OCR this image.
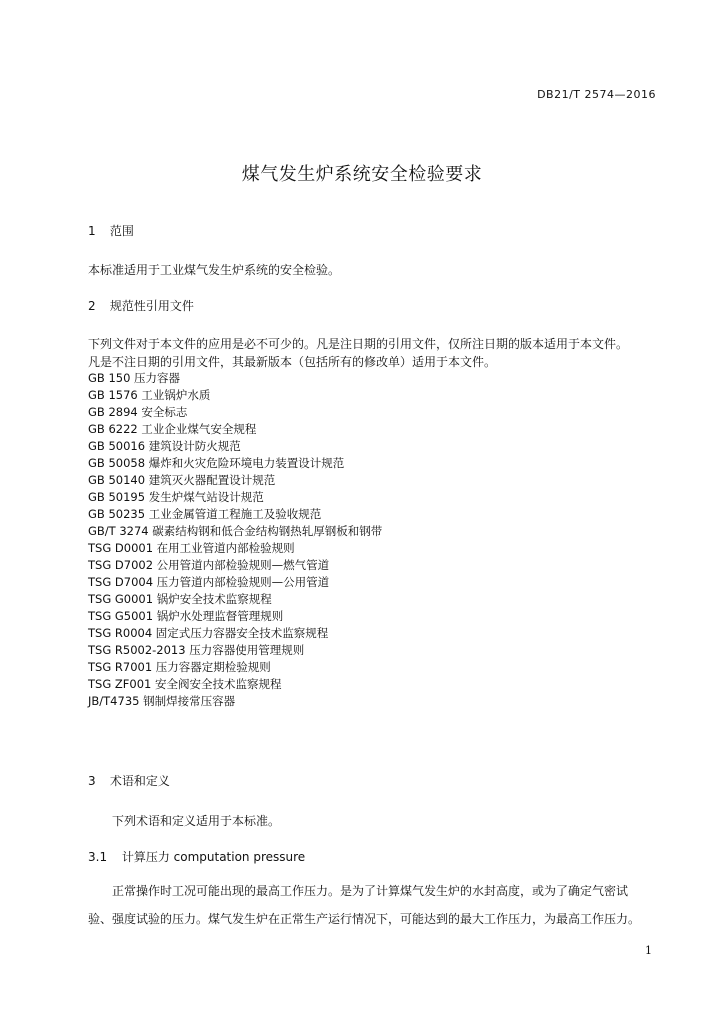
DB21/T 2574—2016
煤气发生炉系统安全检验要求
1 范围
本标准适用于工业煤气发生炉系统的安全检验。
2 规范性引用文件
下列文件对于本文件的应用是必不可少的。凡是注日期的引用文件，仅所注日期的版本适用于本文件。
凡是不注日期的引用文件，其最新版本（包括所有的修改单）适用于本文件。
GB 150 压力容器
GB 1576 工业锅炉水质
GB 2894 安全标志
GB 6222 工业企业煤气安全规程
GB 50016 建筑设计防火规范
GB 50058 爆炸和火灾危险环境电力装置设计规范
GB 50140 建筑灭火器配置设计规范
GB 50195 发生炉煤气站设计规范
GB 50235 工业金属管道工程施工及验收规范
GB/T 3274 碳素结构钢和低合金结构钢热轧厚钢板和钢带
TSG D0001 在用工业管道内部检验规则
TSG D7002 公用管道内部检验规则—燃气管道
TSG D7004 压力管道内部检验规则—公用管道
TSG G0001 锅炉安全技术监察规程
TSG G5001 锅炉水处理监督管理规则
TSG R0004 固定式压力容器安全技术监察规程
TSG R5002-2013 压力容器使用管理规则
TSG R7001 压力容器定期检验规则
TSG ZF001 安全阀安全技术监察规程
JB/T4735 钢制焊接常压容器
3 术语和定义
下列术语和定义适用于本标准。
3.1 计算压力 computation pressure
正常操作时工况可能出现的最高工作压力。是为了计算煤气发生炉的水封高度，或为了确定气密试
验、强度试验的压力。煤气发生炉在正常生产运行情况下，可能达到的最大工作压力，为最高工作压力。
1
